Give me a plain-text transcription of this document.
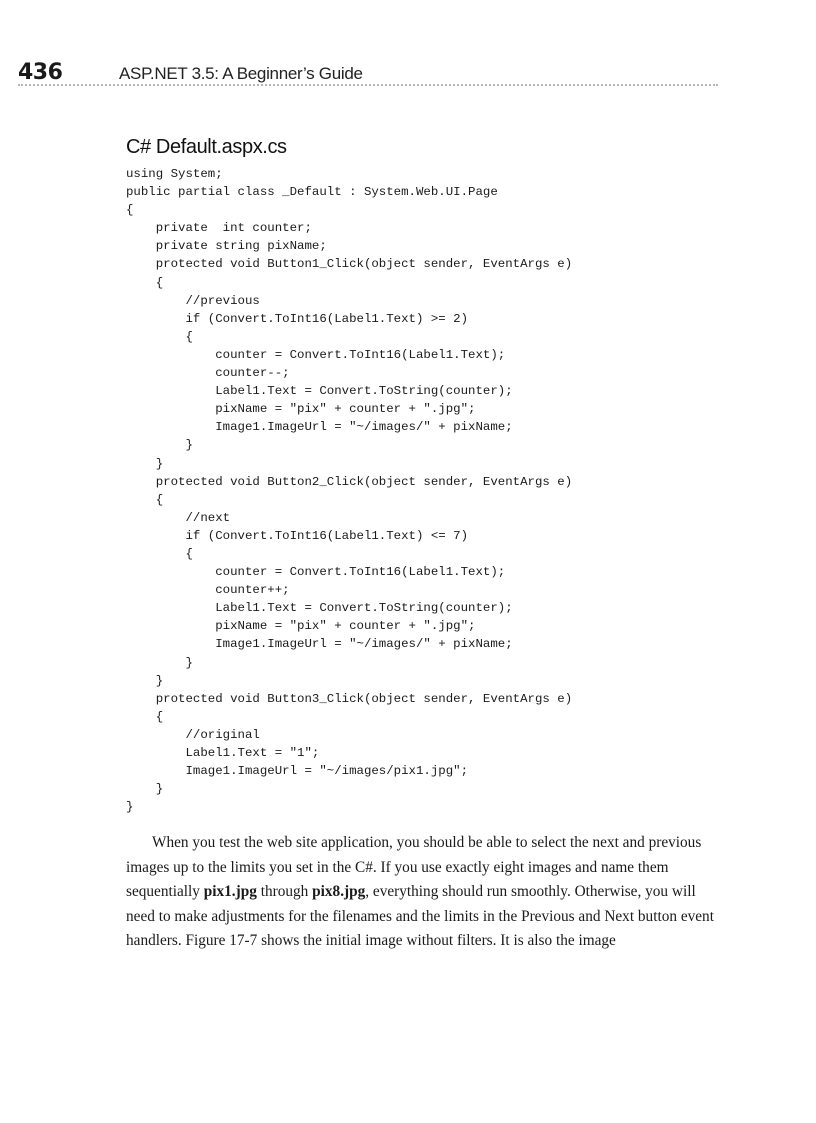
436	ASP.NET 3.5: A Beginner’s Guide
C# Default.aspx.cs
using System;
public partial class _Default : System.Web.UI.Page
{
private  int counter;
private string pixName;
protected void Button1_Click(object sender, EventArgs e)
{
//previous
if (Convert.ToInt16(Label1.Text) >= 2)
{
counter = Convert.ToInt16(Label1.Text);
counter--;
Label1.Text = Convert.ToString(counter);
pixName = "pix" + counter + ".jpg";
Image1.ImageUrl = "~/images/" + pixName;
}
}
protected void Button2_Click(object sender, EventArgs e)
{
//next
if (Convert.ToInt16(Label1.Text) <= 7)
{
counter = Convert.ToInt16(Label1.Text);
counter++;
Label1.Text = Convert.ToString(counter);
pixName = "pix" + counter + ".jpg";
Image1.ImageUrl = "~/images/" + pixName;
}
}
protected void Button3_Click(object sender, EventArgs e)
{
//original
Label1.Text = "1";
Image1.ImageUrl = "~/images/pix1.jpg";
}
}

When you test the web site application, you should be able to select the next and previous images up to the limits you set in the C#. If you use exactly eight images and name them sequentially pix1.jpg through pix8.jpg, everything should run smoothly. Otherwise, you will need to make adjustments for the filenames and the limits in the Previous and Next button event handlers. Figure 17-7 shows the initial image without filters. It is also the image
